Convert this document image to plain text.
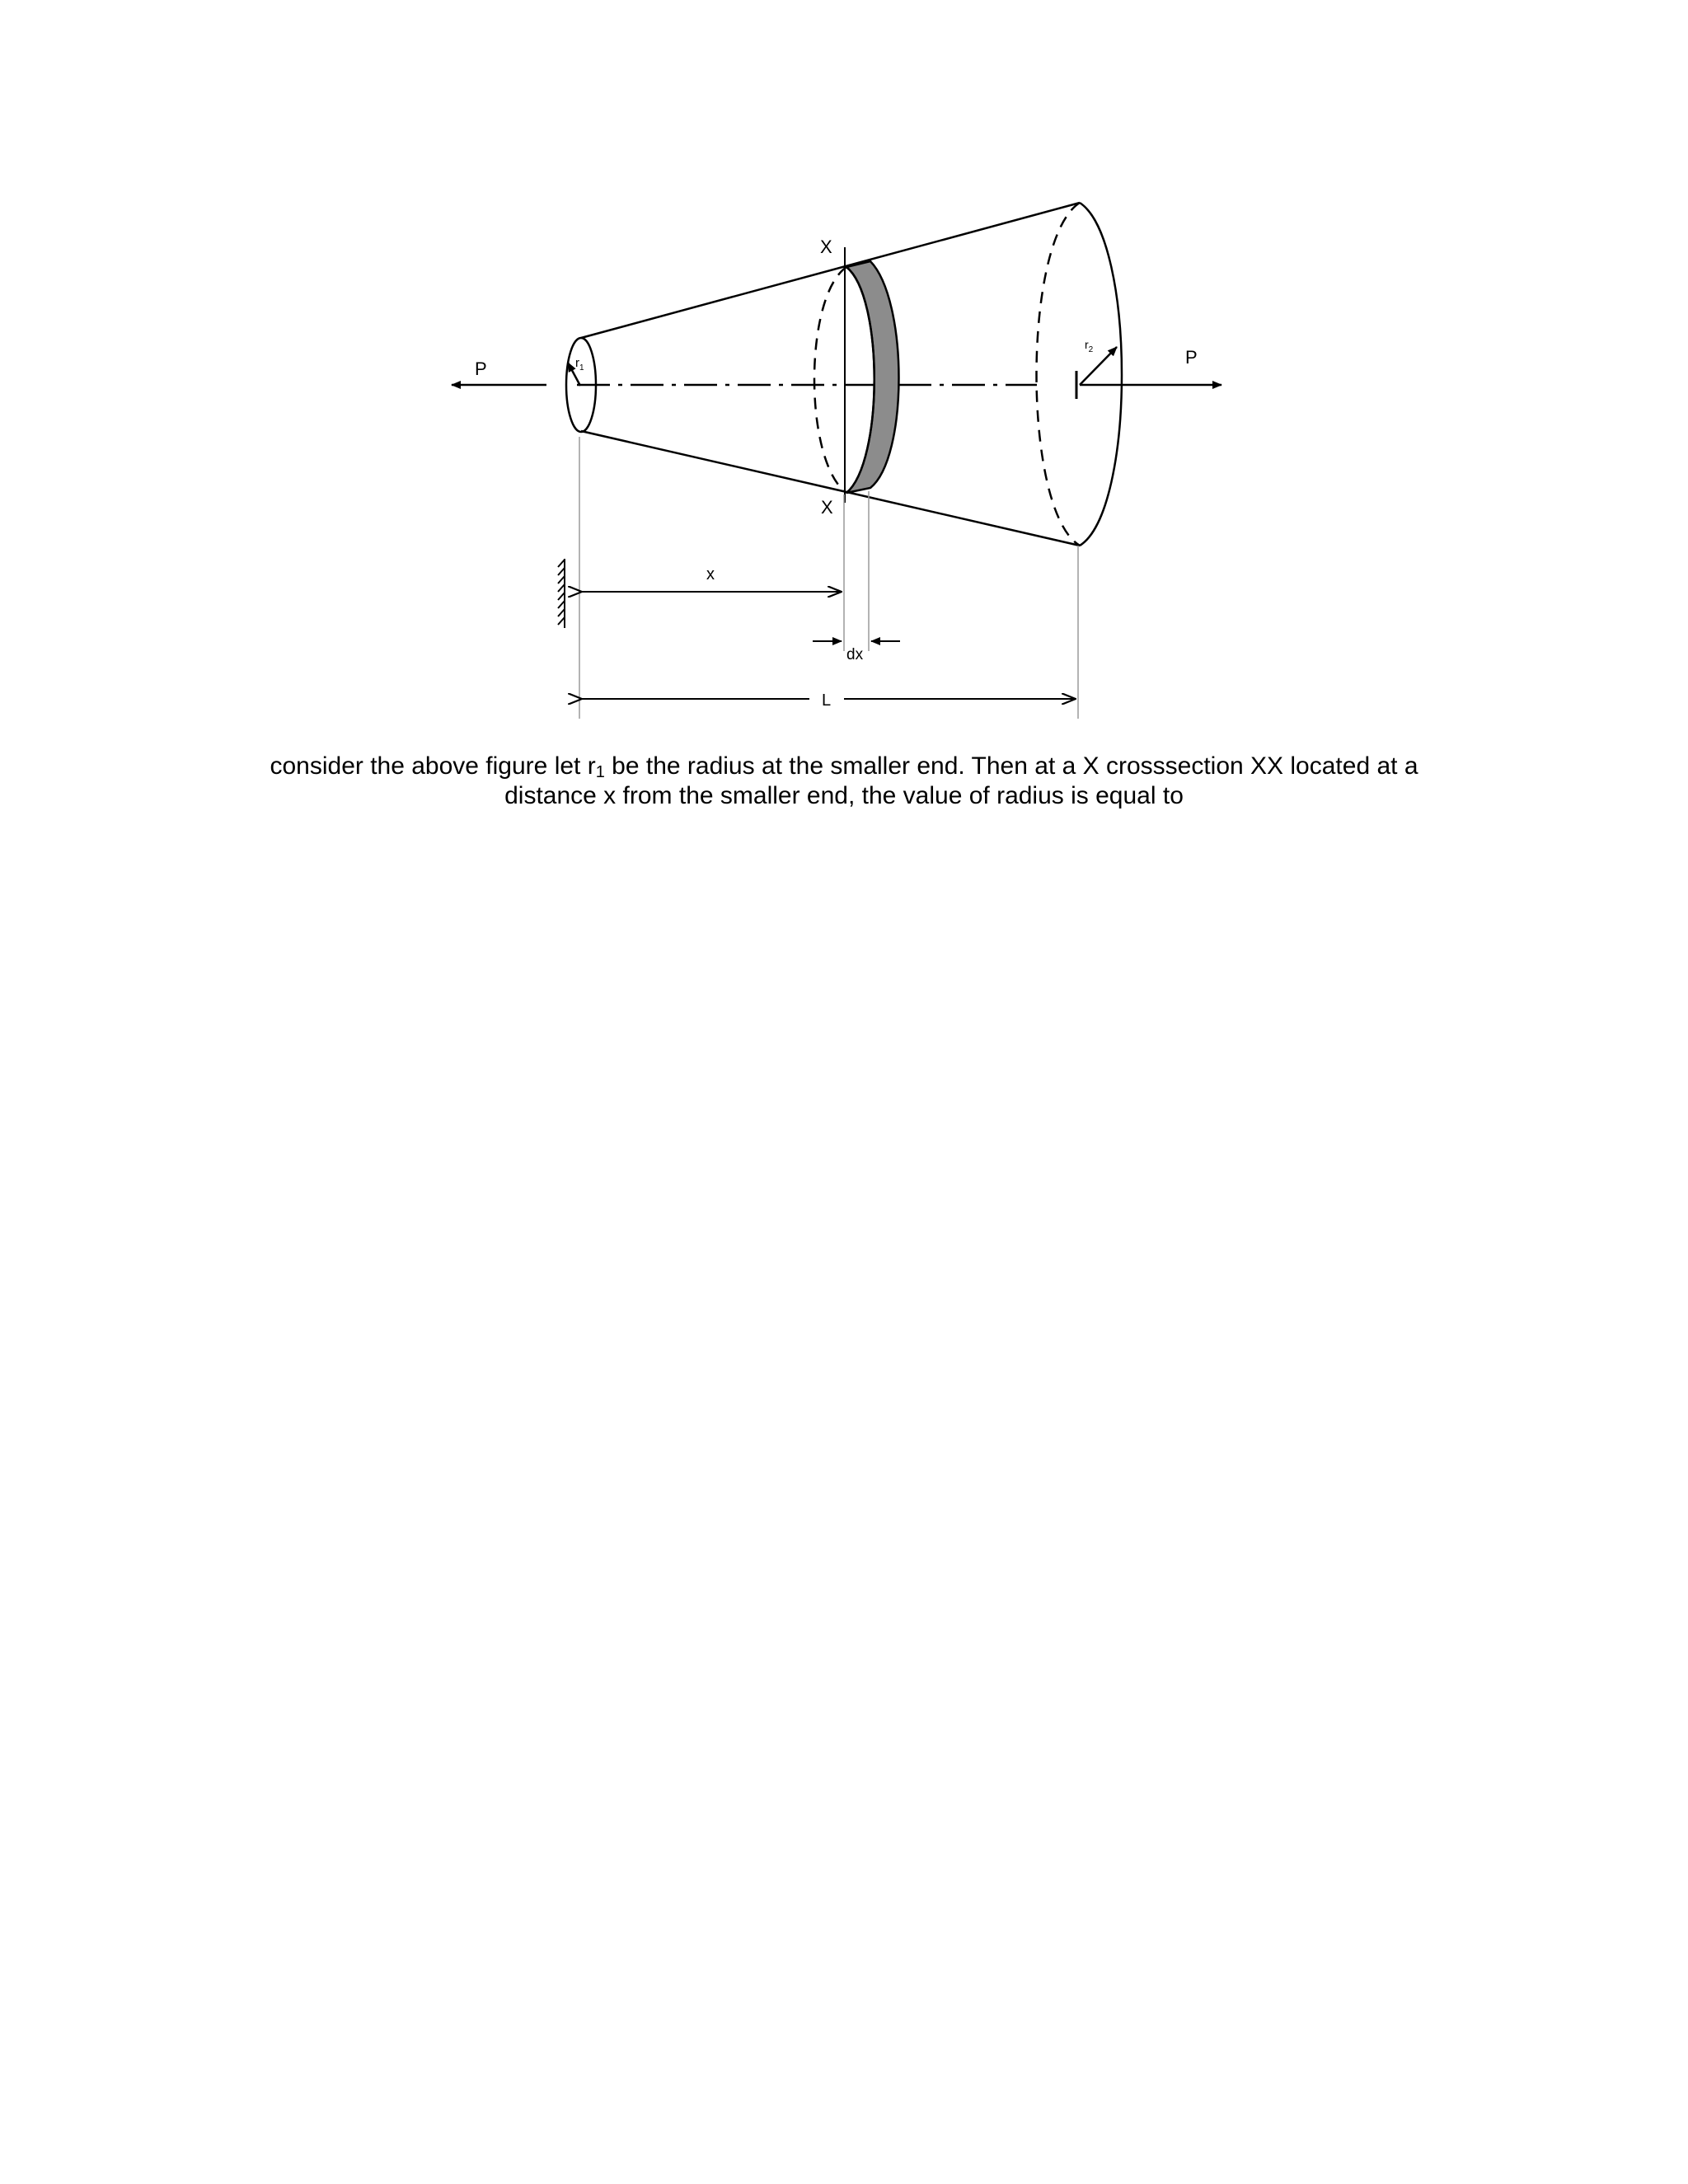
P
P
$r_1$
$r_2$
X
X
x
dx
L
consider the above figure let $r_1$ be the radius at the smaller end. Then at a X crosssection XX located at a
distance x from the smaller end, the value of radius is equal to
